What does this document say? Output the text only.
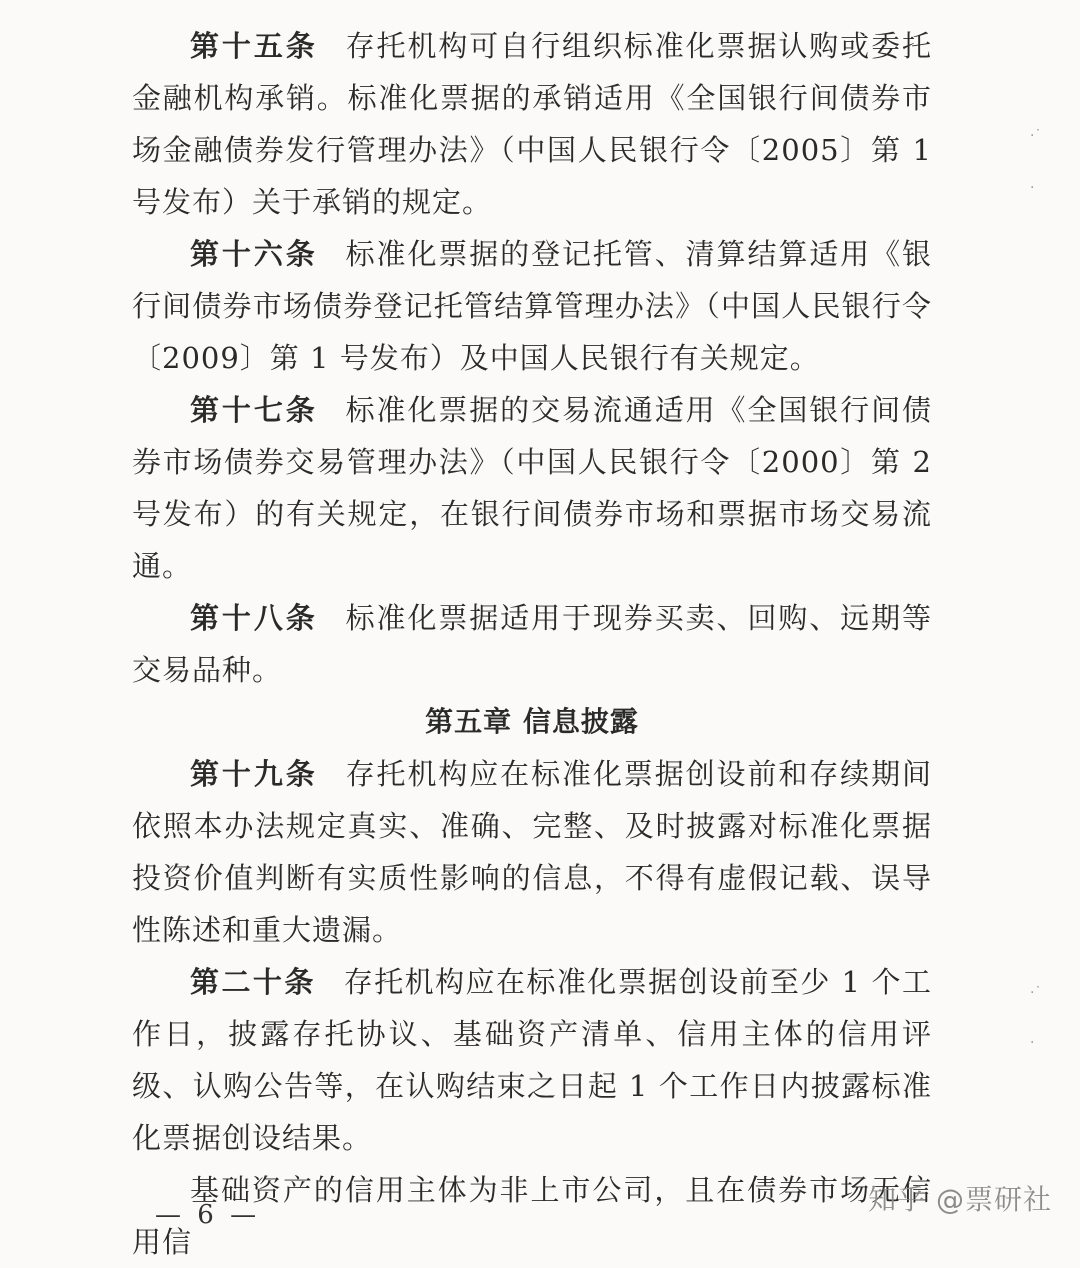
第十五条 存托机构可自行组织标准化票据认购或委托金融机构承销。标准化票据的承销适用《全国银行间债券市场金融债券发行管理办法》（中国人民银行令〔2005〕第 1 号发布）关于承销的规定。

第十六条 标准化票据的登记托管、清算结算适用《银行间债券市场债券登记托管结算管理办法》（中国人民银行令〔2009〕第 1 号发布）及中国人民银行有关规定。

第十七条 标准化票据的交易流通适用《全国银行间债券市场债券交易管理办法》（中国人民银行令〔2000〕第 2 号发布）的有关规定，在银行间债券市场和票据市场交易流通。

第十八条 标准化票据适用于现券买卖、回购、远期等交易品种。

第五章 信息披露

第十九条 存托机构应在标准化票据创设前和存续期间依照本办法规定真实、准确、完整、及时披露对标准化票据投资价值判断有实质性影响的信息，不得有虚假记载、误导性陈述和重大遗漏。

第二十条 存托机构应在标准化票据创设前至少 1 个工作日，披露存托协议、基础资产清单、信用主体的信用评级、认购公告等，在认购结束之日起 1 个工作日内披露标准化票据创设结果。

基础资产的信用主体为非上市公司，且在债券市场无信用信

— 6 —	知乎 @票研社
·˙
·
·˙
·
